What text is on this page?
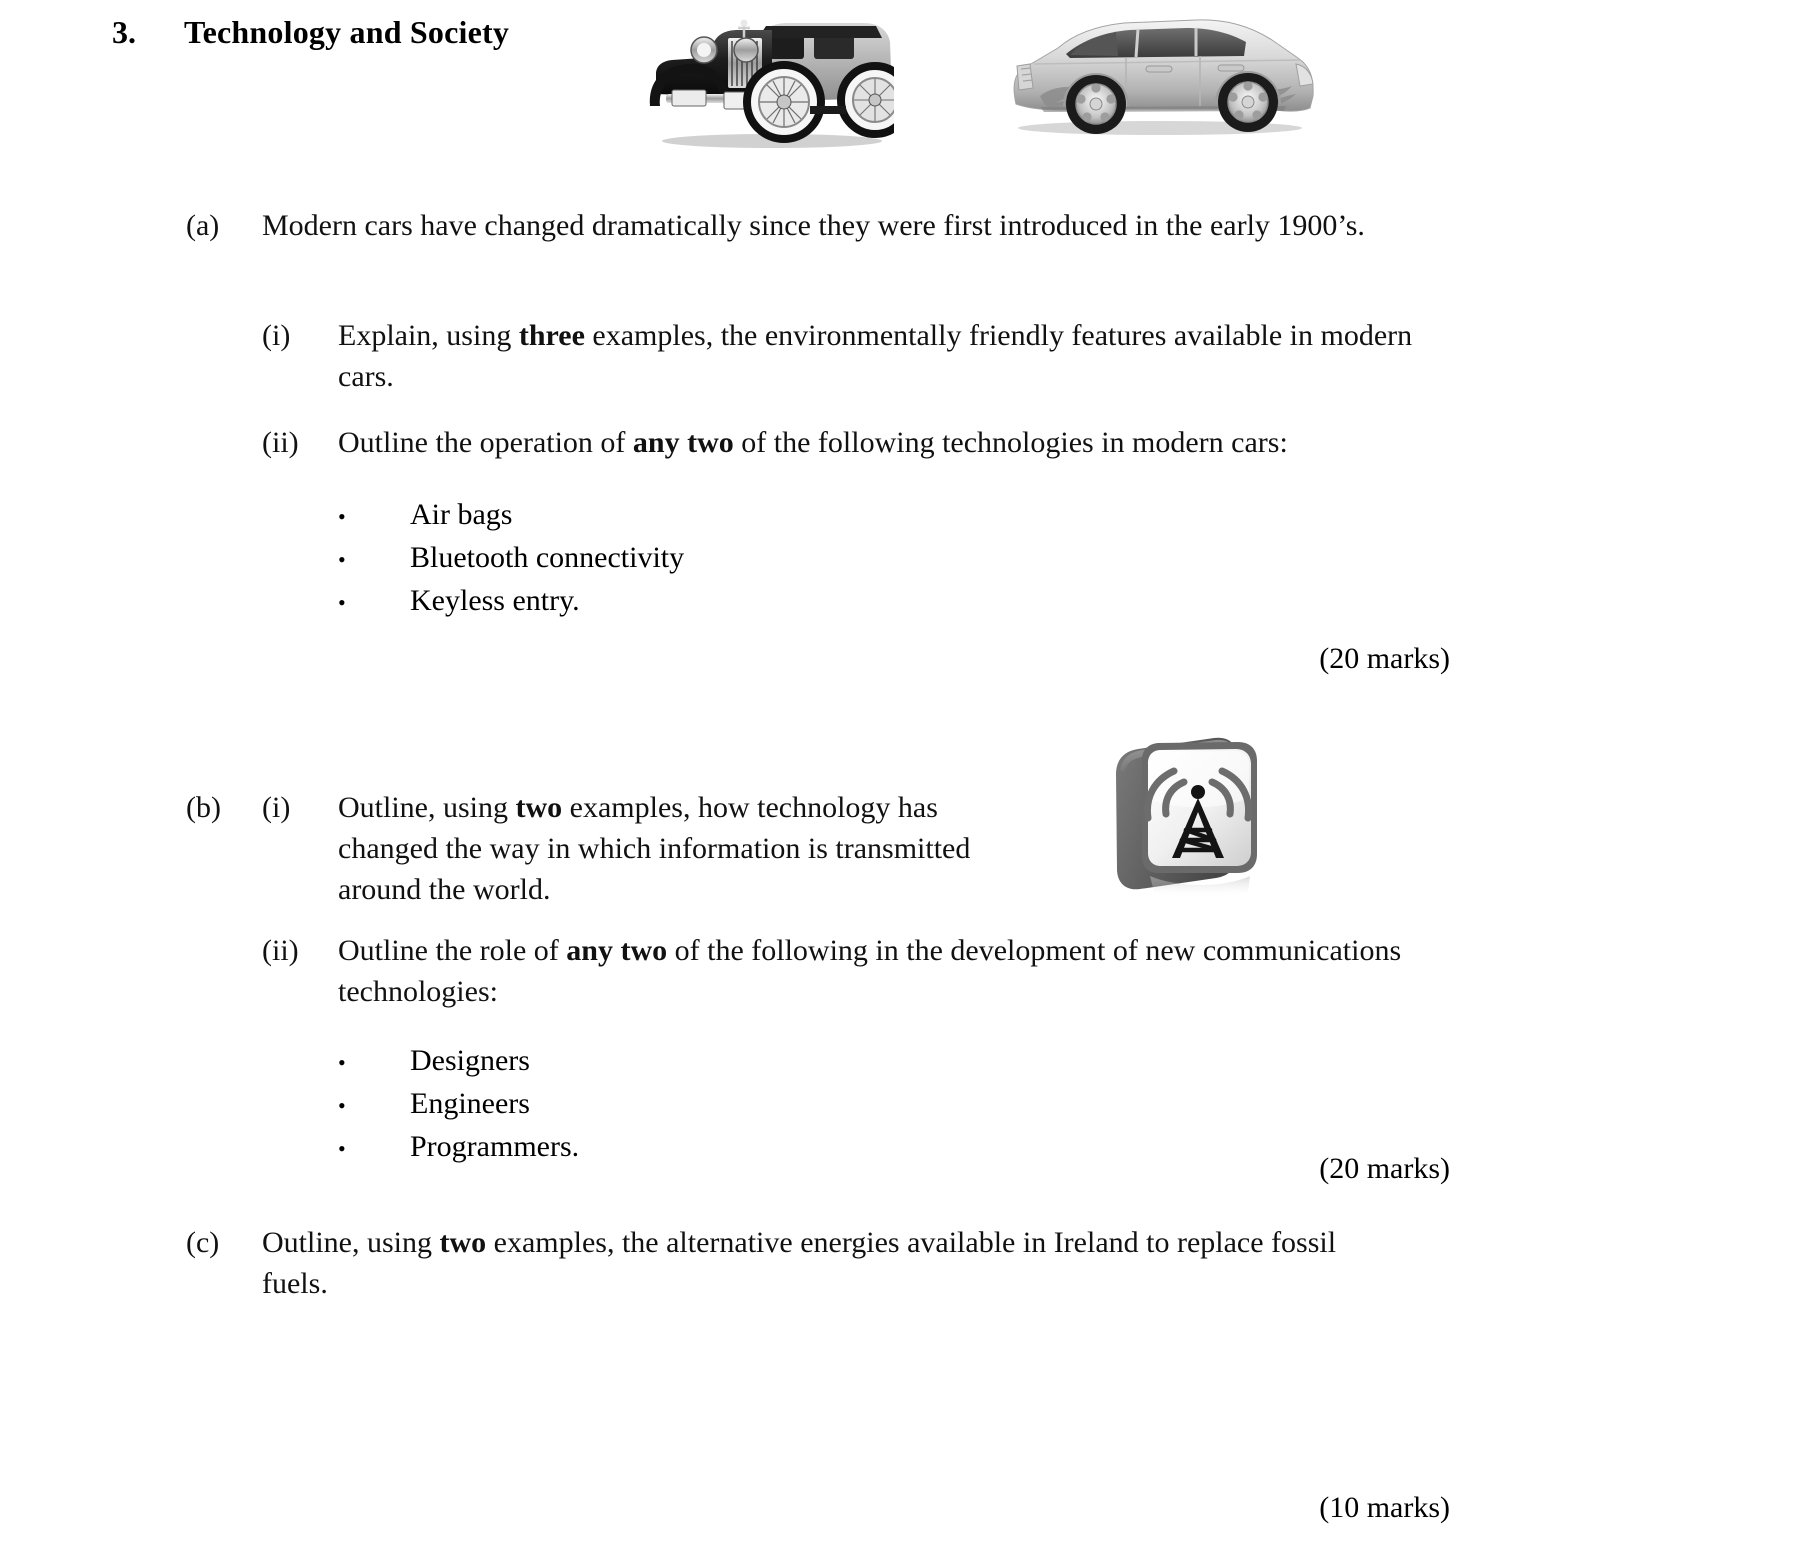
3.	Technology and Society
(a)	Modern cars have changed dramatically since they were first introduced in the early 1900’s.
(i)	Explain, using three examples, the environmentally friendly features available in modern cars.
(ii)	Outline the operation of any two of the following technologies in modern cars:
•	Air bags
•	Bluetooth connectivity
•	Keyless entry.
(20 marks)
(b)	(i)	Outline, using two examples, how technology has changed the way in which information is transmitted around the world.
(ii)	Outline the role of any two of the following in the development of new communications technologies:
•	Designers
•	Engineers
•	Programmers.
(20 marks)
(c)	Outline, using two examples, the alternative energies available in Ireland to replace fossil fuels.
(10 marks)
